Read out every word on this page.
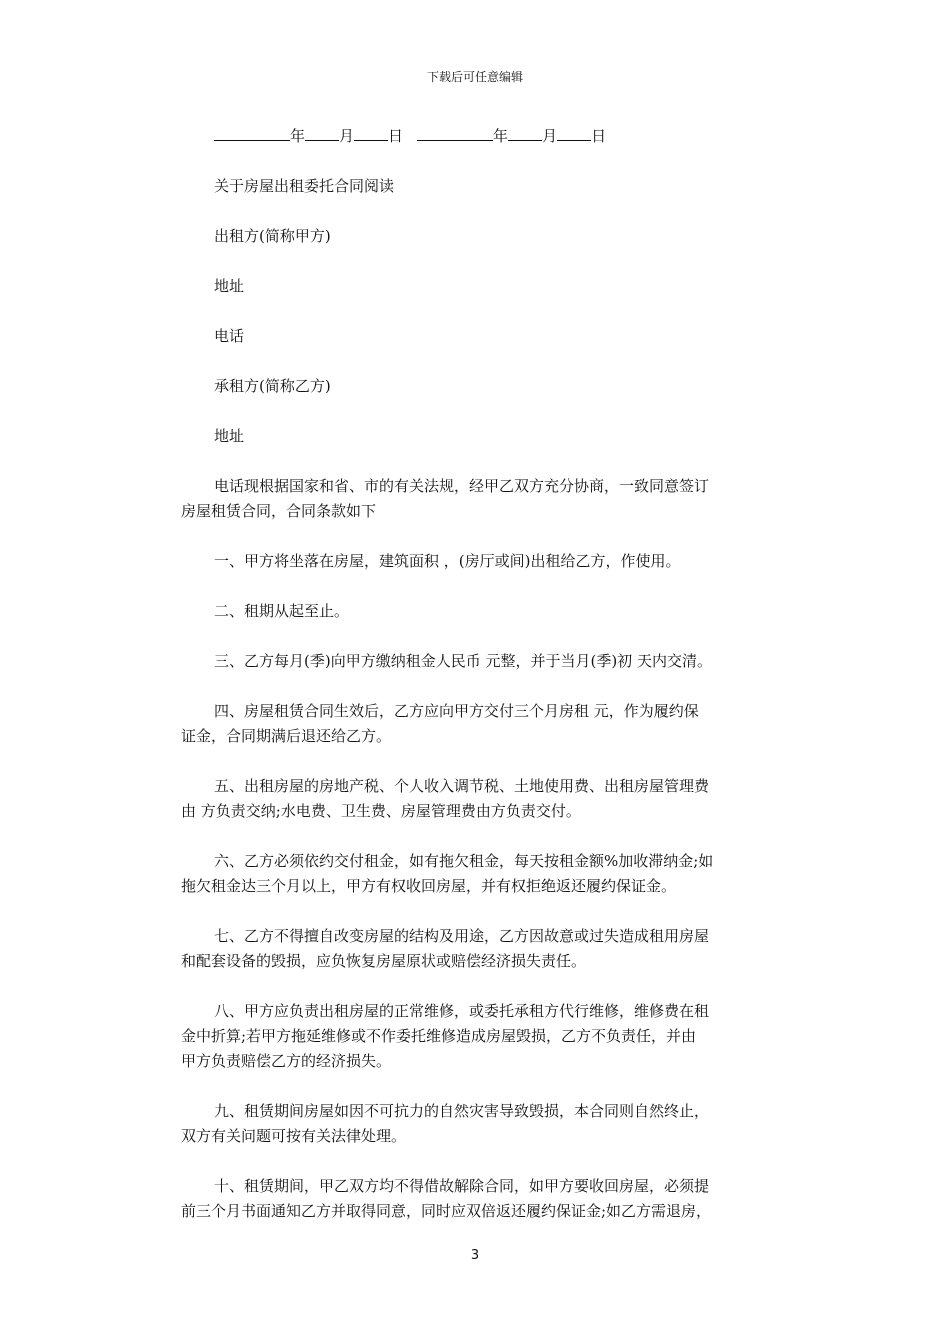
下载后可任意编辑

年 月 日	年 月 日

关于房屋出租委托合同阅读

出租方(简称甲方)

地址

电话

承租方(简称乙方)

地址

电话现根据国家和省、市的有关法规，经甲乙双方充分协商，一致同意签订
房屋租赁合同，合同条款如下

一、甲方将坐落在房屋，建筑面积 ，(房厅或间)出租给乙方，作使用。

二、租期从起至止。

三、乙方每月(季)向甲方缴纳租金人民币 元整，并于当月(季)初 天内交清。

四、房屋租赁合同生效后，乙方应向甲方交付三个月房租 元，作为履约保
证金，合同期满后退还给乙方。

五、出租房屋的房地产税、个人收入调节税、土地使用费、出租房屋管理费
由 方负责交纳;水电费、卫生费、房屋管理费由方负责交付。

六、乙方必须依约交付租金，如有拖欠租金，每天按租金额%加收滞纳金;如
拖欠租金达三个月以上，甲方有权收回房屋，并有权拒绝返还履约保证金。

七、乙方不得擅自改变房屋的结构及用途，乙方因故意或过失造成租用房屋
和配套设备的毁损，应负恢复房屋原状或赔偿经济损失责任。

八、甲方应负责出租房屋的正常维修，或委托承租方代行维修，维修费在租
金中折算;若甲方拖延维修或不作委托维修造成房屋毁损，乙方不负责任，并由
甲方负责赔偿乙方的经济损失。

九、租赁期间房屋如因不可抗力的自然灾害导致毁损，本合同则自然终止，
双方有关问题可按有关法律处理。

十、租赁期间，甲乙双方均不得借故解除合同，如甲方要收回房屋，必须提
前三个月书面通知乙方并取得同意，同时应双倍返还履约保证金;如乙方需退房，

3
